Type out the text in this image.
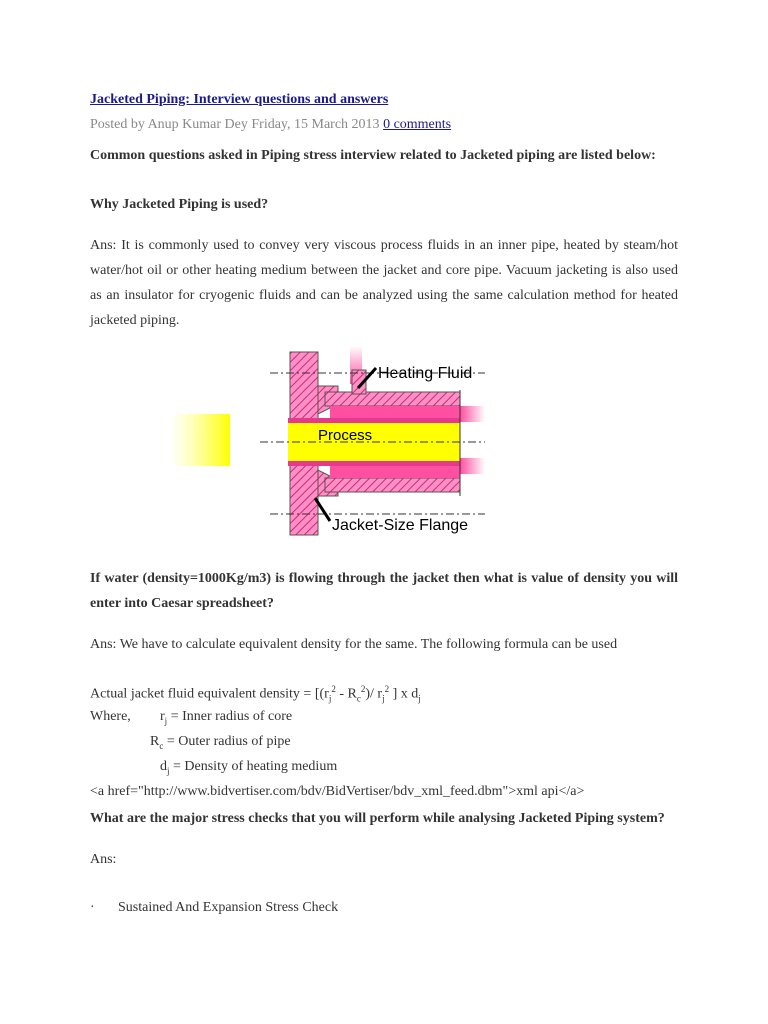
Jacketed Piping: Interview questions and answers
Posted by Anup Kumar Dey Friday, 15 March 2013 0 comments
Common questions asked in Piping stress interview related to Jacketed piping are listed below:
Why Jacketed Piping is used?
Ans: It is commonly used to convey very viscous process fluids in an inner pipe, heated by steam/hot water/hot oil or other heating medium between the jacket and core pipe. Vacuum jacketing is also used as an insulator for cryogenic fluids and can be analyzed using the same calculation method for heated jacketed piping.
If water (density=1000Kg/m3) is flowing through the jacket then what is value of density you will enter into Caesar spreadsheet?
Ans: We have to calculate equivalent density for the same. The following formula can be used
Actual jacket fluid equivalent density = [$(r_j^2 - R_c^2)/$ $r_j^2$ ] x $d_j$
Where, $r_j$ = Inner radius of core
$R_c$ = Outer radius of pipe
$d_j$ = Density of heating medium
<a href="http://www.bidvertiser.com/bdv/BidVertiser/bdv_xml_feed.dbm">xml api</a>
What are the major stress checks that you will perform while analysing Jacketed Piping system?
Ans:
· Sustained And Expansion Stress Check
Heating Fluid
Process
Jacket-Size Flange
